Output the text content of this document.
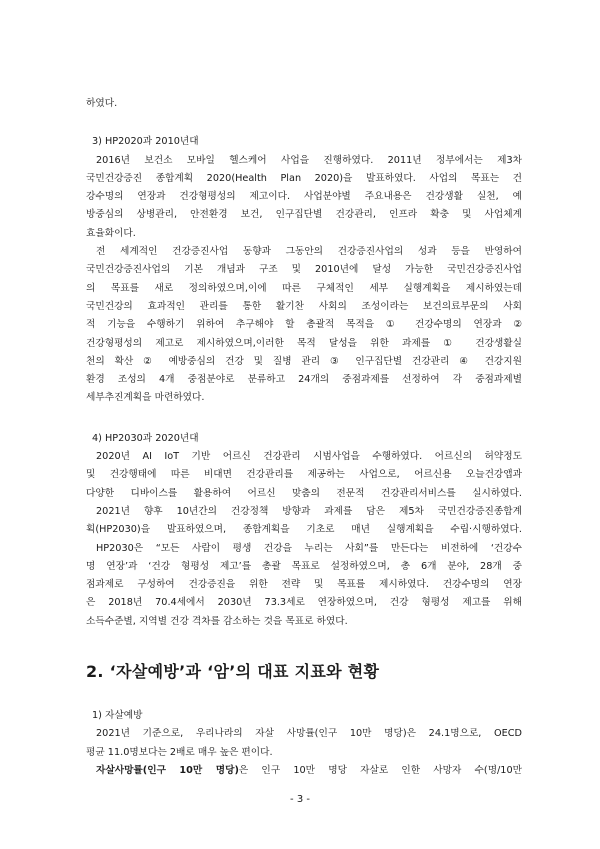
하였다.
3) HP2020과 2010년대
2016년 보건소 모바일 헬스케어 사업을 진행하였다. 2011년 정부에서는 제3차
국민건강증진 종합계획 2020(Health Plan 2020)을 발표하였다. 사업의 목표는 건
강수명의 연장과 건강형평성의 제고이다. 사업분야별 주요내용은 건강생활 실천, 예
방중심의 상병관리, 안전환경 보건, 인구집단별 건강관리, 인프라 확충 및 사업체계
효율화이다.
전 세계적인 건강증진사업 동향과 그동안의 건강증진사업의 성과 등을 반영하여
국민건강증진사업의 기본 개념과 구조 및 2010년에 달성 가능한 국민건강증진사업
의 목표를 새로 정의하였으며,이에 따른 구체적인 세부 실행계획을 제시하였는데
국민건강의 효과적인 관리를 통한 활기찬 사회의 조성이라는 보건의료부문의 사회
적 기능을 수행하기 위하여 추구해야 할 총괄적 목적을 ① 건강수명의 연장과 ②
건강형평성의 제고로 제시하였으며,이러한 목적 달성을 위한 과제를 ① 건강생활실
천의 확산 ② 예방중심의 건강 및 질병 관리 ③ 인구집단별 건강관리 ④ 건강지원
환경 조성의 4개 중점분야로 분류하고 24개의 중점과제를 선정하여 각 중점과제별
세부추진계획을 마련하였다.
4) HP2030과 2020년대
2020년 AI IoT 기반 어르신 건강관리 시범사업을 수행하였다. 어르신의 허약정도
및 건강행태에 따른 비대면 건강관리를 제공하는 사업으로, 어르신용 오늘건강앱과
다양한 디바이스를 활용하여 어르신 맞춤의 전문적 건강관리서비스를 실시하였다.
2021년 향후 10년간의 건강정책 방향과 과제를 담은 제5차 국민건강증진종합계
획(HP2030)을 발표하였으며, 종합계획을 기초로 매년 실행계획을 수립·시행하였다.
HP2030은 “모든 사람이 평생 건강을 누리는 사회”를 만든다는 비전하에 ‘건강수
명 연장’과 ‘건강 형평성 제고’를 총괄 목표로 설정하였으며, 총 6개 분야, 28개 중
점과제로 구성하여 건강증진을 위한 전략 및 목표를 제시하였다. 건강수명의 연장
은 2018년 70.4세에서 2030년 73.3세로 연장하였으며, 건강 형평성 제고를 위해
소득수준별, 지역별 건강 격차를 감소하는 것을 목표로 하였다.
2. ‘자살예방’과 ‘암’의 대표 지표와 현황
1) 자살예방
2021년 기준으로, 우리나라의 자살 사망률(인구 10만 명당)은 24.1명으로, OECD
평균 11.0명보다는 2배로 매우 높은 편이다.
자살사망률(인구 10만 명당)은 인구 10만 명당 자살로 인한 사망자 수(명/10만
- 3 -
